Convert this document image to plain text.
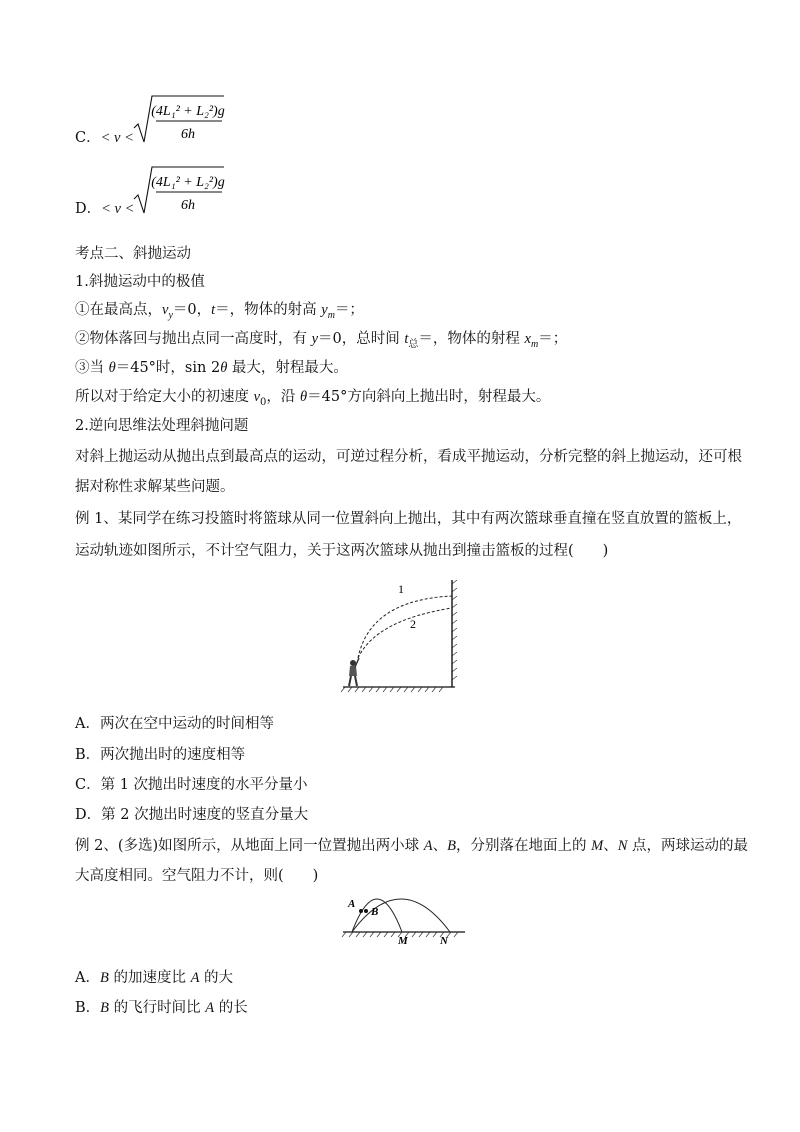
C．< v <
(4L₁² + L₂²)g
6h
D．< v <
(4L₁² + L₂²)g
6h
考点二、斜抛运动
1.斜抛运动中的极值
①在最高点，$v_y=0$，t＝，物体的射高 $y_m=$；
②物体落回与抛出点同一高度时，有 y＝0，总时间 $t_总=$，物体的射程 $x_m=$；
③当 θ＝45°时，sin 2θ 最大，射程最大。
所以对于给定大小的初速度 $v_0$，沿 θ＝45°方向斜向上抛出时，射程最大。
2.逆向思维法处理斜抛问题
对斜上抛运动从抛出点到最高点的运动，可逆过程分析，看成平抛运动，分析完整的斜上抛运动，还可根
据对称性求解某些问题。
例 1、某同学在练习投篮时将篮球从同一位置斜向上抛出，其中有两次篮球垂直撞在竖直放置的篮板上，
运动轨迹如图所示，不计空气阻力，关于这两次篮球从抛出到撞击篮板的过程(　　)
1
2
A．两次在空中运动的时间相等
B．两次抛出时的速度相等
C．第 1 次抛出时速度的水平分量小
D．第 2 次抛出时速度的竖直分量大
例 2、(多选)如图所示，从地面上同一位置抛出两小球 A、B，分别落在地面上的 M、N 点，两球运动的最
大高度相同。空气阻力不计，则(　　)
A
B
M	N
A．B 的加速度比 A 的大
B．B 的飞行时间比 A 的长
